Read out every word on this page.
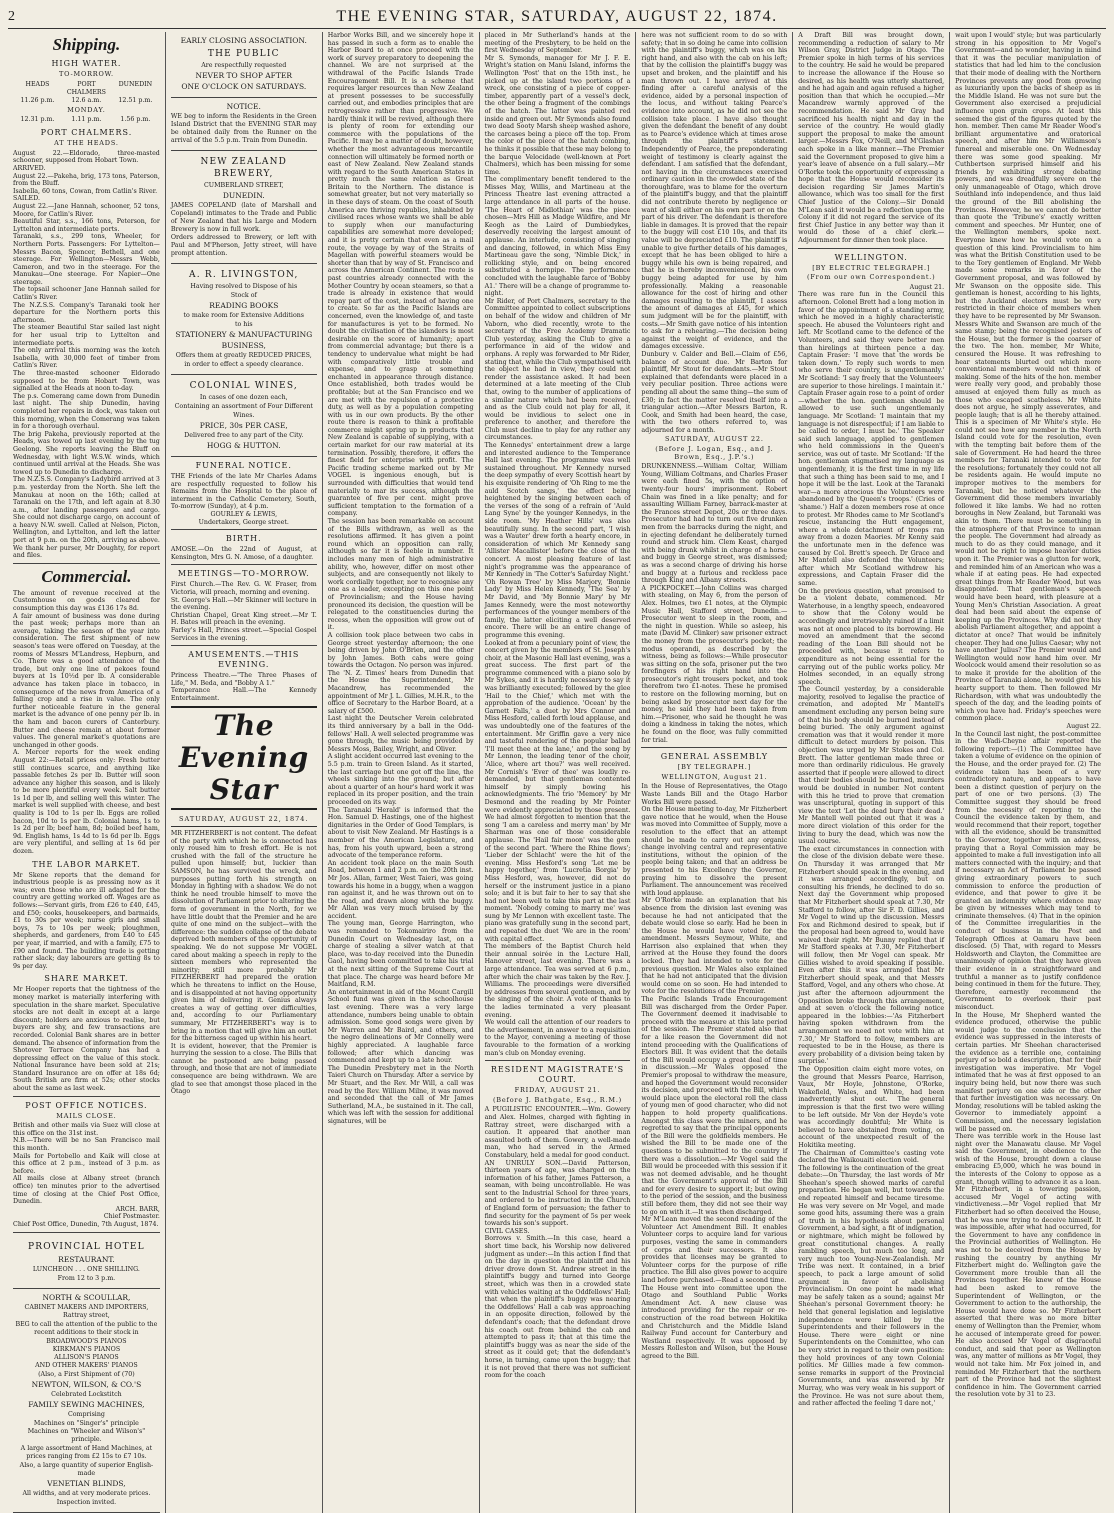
2	THE EVENING STAR, SATURDAY, AUGUST 22, 1874.
Shipping.
HIGH WATER.
TO-MORROW.
HEADS	PORT CHALMERS
DUNEDIN
11.26 p.m.	12.6 a.m.	12.51 p.m.
MONDAY.
12.31 p.m.	1.11 p.m.	1.56 p.m.
PORT CHALMERS.
AT THE HEADS.
August 22.—Eldorado, three-masted schooner, supposed from Hobart Town.
ARRIVED.
August 22.—Pakeha, brig, 173 tons, Paterson, from the Bluff.
Isabella, 60 tons, Cowan, from Catlin's River.
SAILED.
August 22.—Jane Hannah, schooner, 52 tons, Moore, for Catlin's River.
Beautiful Star, s.s., 166 tons, Peterson, for Lyttelton and intermediate ports.
Taranaki, s.s., 299 tons, Wheeler, for Northern Ports. Passengers: For Lyttelton—Messrs Bacon, Spencer, Bethell, and one steerage. For Wellington—Messrs Webb, Cameron, and two in the steerage. For the Manukau—One steerage. For Napier—One steerage.
The topsail schooner Jane Hannah sailed for Catlin's River.
The N.Z.S.S. Company's Taranaki took her departure for the Northern ports this afternoon.
The steamer Beautiful Star sailed last night for her usual trip to Lyttelton and intermediate ports.
The only arrival this morning was the ketch Isabella, with 30,000 feet of timber from Catlin's River.
The three-masted schooner Eldorado supposed to be from Hobart Town, was signalled at the Heads at noon to-day.
The p.s. Comerang came down from Dunedin last night. The ship Dunedin, having completed her repairs in dock, was taken out this morning, when the Comerang was taken in for a thorough overhaul.
The brig Pakeha, previously reported at the Heads, was towed up last evening by the tug Geelong. She reports leaving the Bluff on Wednesday, with light W.S.W. winds, which continued until arrival at the Heads. She was towed up to Dunedin to discharge.
The N.Z.S.S. Company's Ladybird arrived at 3 p.m. yesterday from the North. She left the Manukau at noon on the 16th; called at Taranaki on the 17th, and left again at 8.30 a.m., after landing passengers and cargo. She could not discharge cargo, on account of a heavy N.W. swell. Called at Nelson, Picton, Wellington, and Lyttelton, and left the latter port at 9 p.m. on the 20th, arriving as above. We thank her purser, Mr Doughty, for report and files.
Commercial.
The amount of revenue received at the Customhouse on goods cleared for consumption this day was £136 17s 8d.
A fair amount of business was done during the past week; perhaps more than an average, taking the season of the year into consideration. The first shipment of new season's teas were offered on Tuesday, at the rooms of Messrs M'Landress, Hepburn, and Co. There was a good attendance of the trade, but only one line of pekoes found buyers at 1s 10½d per lb. A considerable advance has taken place in tobacco, in consequence of the news from America of a falling crop and a rise in value. The only further noticeable feature in the general market is the advance of one penny per lb. in the ham and bacon curers of Canterbury. Butter and cheese remain at about former values. The general market's quotations are unchanged in other goods.
A. Mercer reports for the week ending August 22:—Retail prices only: Fresh butter still continues scarce, and anything like passable fetches 2s per lb. Butter will soon advance any higher this season, and is likely to be more plentiful every week. Salt butter 1s 1d per lb, and selling well this winter. The market is well supplied with cheese, and best quality is 10d to 1s per lb. Eggs are rolled bacon, 10d to 1s per lb. Colonial hams, 1s to 1s 2d per lb; beef ham, 8d; boiled beef ham, 9d. English hams, 1s 4d to 1s 6d per lb. Eggs are very plentiful, and selling at 1s 6d per dozen.
THE LABOR MARKET.
Mr Skene reports that the demand for industrious people is as pressing now as it was; even those who are ill adapted for the country are getting worked off. Wages are as follows:—Servant girls, from £26 to £40, £45, and £50; cooks, housekeepers, and barmaids, £1 to 30s per week; nurse girls and small boys, 7s to 10s per week; ploughmen, shepherds, and gardeners, from £40 to £45 per year, if married, and with a family, £75 to £90 and found. The building trade is getting rather slack; day labourers are getting 8s to 9s per day.
SHARE MARKET.
Mr Hooper reports that the tightness of the money market is materially interfering with speculation in the share market. Speculative stocks are not dealt in except at a large discount; holders are anxious to realise, but buyers are shy, and few transactions are recorded. Colonial Bank shares are in better demand. The absence of information from the Shotover Terrace Company has had a depressing effect on the value of this stock. National Insurance have been sold at 21s; Standard Insurance are on offer at 18s 6d; South British are firm at 52s; other stocks about the same as last week.
POST OFFICE NOTICES.
MAILS CLOSE.
British and other mails via Suez will close at this office on the 31st inst.
N.B.—There will be no San Francisco mail this month.
Mails for Portobello and Kaik will close at this office at 2 p.m., instead of 3 p.m. as before.
All mails close at Albany street (branch office) ten minutes prior to the advertised time of closing at the Chief Post Office, Dunedin.
ARCH. BARR,
Chief Postmaster.
Chief Post Office, Dunedin, 7th August, 1874.
PROVINCIAL HOTEL
RESTAURANT.
LUNCHEON . . . ONE SHILLING.
From 12 to 3 p.m.
NORTH & SCOULLAR,
CABINET MAKERS AND IMPORTERS, Rattray street,
BEG to call the attention of the public to the recent additions to their stock in
BROADWOOD'S PIANOS
KIRKMAN'S PIANOS
ALLISON'S PIANOS
AND OTHER MAKERS' PIANOS
(Also, a First Shipment of (70)
NEWTON, WILSON, & CO.'S
Celebrated Lockstitch
FAMILY SEWING MACHINES,
Comprising
Machines on "Singer's" principle
Machines on "Wheeler and Wilson's" principle.
A large assortment of Hand Machines, at prices ranging from £2 15s to £7 10s.
Also, a large quantity of superior English-made
VENETIAN BLINDS,
All widths, and at very moderate prices.
Inspection invited.
EARLY CLOSING ASSOCIATION.
THE PUBLIC
Are respectfully requested
NEVER TO SHOP AFTER
ONE O'CLOCK ON SATURDAYS.
NOTICE.
WE beg to inform the Residents in the Green Island District that the EVENING STAR may be obtained daily from the Runner on the arrival of the 5.5 p.m. Train from Dunedin.
NEW ZEALAND BREWERY,
CUMBERLAND STREET,
DUNEDIN.
JAMES COPELAND (late of Marshall and Copeland) intimates to the Trade and Public of New Zealand that his Large and Modern Brewery is now in full work.
Orders addressed to Brewery, or left with Paul and M'Pherson, Jetty street, will have prompt attention.
A. R. LIVINGSTON,
Having resolved to Dispose of his
Stock of
READING BOOKS
to make room for Extensive Additions
to his
STATIONERY & MANUFACTURING
BUSINESS,
Offers them at greatly REDUCED PRICES,
in order to effect a speedy clearance.
COLONIAL WINES,
In cases of one dozen each,
Containing an assortment of Four Different
Wines.
PRICE, 30s PER CASE,
Delivered free to any part of the City.
HOGG & HUTTON.
FUNERAL NOTICE.
THE Friends of the late Mr Charles Adams are respectfully requested to follow his Remains from the Hospital to the place of interment in the Catholic Cemetery, South, To-morrow (Sunday), at 4 p.m.
GOURLEY & LEWIS,
Undertakers, George street.
BIRTH.
AMOSE.—On the 22nd of August, at Kensington, Mrs G. N. Amose, of a daughter.
MEETINGS—TO-MORROW.
First Church.—The Rev. G. W. Fraser, from Victoria, will preach, morning and evening.
St. George's Hall.—Mr Skinner will lecture in the evening.
Christian Chapel, Great King street.—Mr T. H. Bates will preach in the evening.
Farley's Hall, Princes street.—Special Gospel Services in the evening.
AMUSEMENTS.—THIS EVENING.
Princess Theatre.—"The Three Phases of Life," M. Beda, and "Bobby A 1."
Temperance Hall.—The Kennedy Entertainment.
The Evening Star
SATURDAY, AUGUST 22, 1874.
MR FITZHERBERT is not content. The defeat of the party with which he is connected has only roused him to fresh effort. He is not crushed with the fall of the structure he pulled upon himself; but, luckier than SAMSON, he has survived the wreck, and purposes putting forth his strength on Monday in fighting with a shadow. We do not think he need trouble himself to move the dissolution of Parliament prior to altering the form of government in the North, for we have little doubt that the Premier and he are quite of one mind on the subject—with the difference: the sudden collapse of the debate deprived both members of the opportunity of speaking. We do not suppose Mr VOGEL cared about making a speech in reply to the sixteen members who represented the minority; still more probably Mr FITZHERBERT had prepared the oration which he threatens to inflict on the House, and is disappointed at not having opportunity given him of delivering it. Genius always creates a way of getting over difficulties, and, according to our Parliamentary summary, Mr FITZHERBERT's way is to bring in a motion that will give him an outlet for the bitterness caged up within his heart.
It is evident, however, that the Premier is hurrying the session to a close. The Bills that cannot be postponed are being passed through, and those that are not of immediate consequence are being withdrawn. We are glad to see that amongst those placed in the Otago
Harbor Works Bill, and we sincerely hope it has passed in such a form as to enable the Harbor Board to at once proceed with the work of survey preparatory to deepening the channel. We are not surprised at the withdrawal of the Pacific Islands Trade Encouragement Bill. It is a scheme that requires larger resources than New Zealand at present possesses to be successfully carried out, and embodies principles that are retrogressive rather than progressive. We hardly think it will be revived, although there is plenty of room for extending our commerce with the populations of the Pacific. It may be a matter of doubt, however, whether the most advantageous mercantile connection will ultimately be formed north or east of New Zealand. New Zealand stands with regard to the South American States in pretty much the same relation as Great Britain to the Northern. The distance is somewhat greater, but not very materially so in these days of steam. On the coast of South America are thriving republics, inhabited by civilised races whose wants we shall be able to supply when our manufacturing capabilities are somewhat more developed; and it is pretty certain that even as a mail route, the voyage by way of the Straits of Magellan with powerful steamers would be shorter than that by way of St. Francisco and across the American Continent. The route is past countries already connected with the Mother Country by ocean steamers, so that a trade is already in existence that would repay part of the cost, instead of having one to create. So far as the Pacific Islands are concerned, even the knowledge of, and taste for manufactures is yet to be formed. No doubt the civilisation of the islanders is most desirable on the score of humanity; apart from commercial advantage; but there is a tendency to undervalue what might be had with comparatively little trouble and expense, and to grasp at something enchanted in appearance through distance. Once established, both trades would be profitable; but at the San Francisco end we are met with the repulsion of a protective duty, as well as by a population competing with us in our own products. By the other route there is reason to think a profitable commerce might spring up in products that New Zealand is capable of supplying, with a certain market for our raw material at its termination. Possibly, therefore, it offers the finest field for enterprise with profit. The Pacific trading scheme marked out by Mr VOGEL is ingenious enough, but is surrounded with difficulties that would tend materially to mar its success, although the guarantee of five per cent. might prove sufficient temptation to the formation of a company.
The session has been remarkable on account of the Bills withdrawn, as well as the resolutions affirmed. It has given a point round which an opposition can rally, although so far it is feeble in number. It includes many men of high administrative ability, who, however, differ on most other subjects, and are consequently not likely to work cordially together, nor to recognise any one as a leader, excepting on this one point of Provincialism; and the House having pronounced its decision, the question will be relegated to the constituencies during the recess, when the opposition will grow out of it.
A collision took place between two cabs in George street yesterday afternoon; the one being driven by John O'Brien, and the other by John James. Both cabs were going towards the Octagon. No person was injured.
The 'N. Z. Times' hears from Dunedin that the House the Superintendent, Mr Macandrew, has recommended the appointment of Mr J. L. Gillies, M.H.R., to the office of Secretary to the Harbor Board, at a salary of £500.
Last night the Deutscher Verein celebrated its third anniversary by a ball in the Odd-fellows' Hall. A well selected programme was gone through, the music being provided by Messrs Moss, Bailey, Wright, and Oliver.
A slight accident occurred last evening to the 5.5 p.m. train to Green Island. As it started, the last carriage but one got off the line, the wheels sinking into the ground; but after about a quarter of an hour's hard work it was replaced in its proper position, and the train proceeded on its way.
The Taranaki 'Herald' is informed that the Hon. Samuel D. Hastings, one of the highest dignitaries in the Order of Good Templars, is about to visit New Zealand. Mr Hastings is a member of the American Legislature, and has, from his youth upward, been a strong advocate of the temperance reform.
An accident took place on the main South Road, between 1 and 2 p.m. on the 20th inst. Mr Jos. Allan, farmer, West Taieri, was going towards his home in a buggy, when a waggon ran against it, and he was thrown out on to the road, and drawn along with the buggy. Mr Allan was very much bruised by the accident.
The young man, George Harrington, who was remanded to Tokomairiro from the Dunedin Court on Wednesday last, on a charge of stealing a silver watch at that place, was to-day received into the Dunedin Gaol, having been committed to take his trial at the next sitting of the Supreme Court at that place. The charge was heard before Mr Maitland, R.M.
An entertainment in aid of the Mount Cargill School fund was given in the schoolhouse last evening. There was a very large attendance, numbers being unable to obtain admission. Some good songs were given by Mr Warren and Mr Baird, and others, and the negro delineations of Mr Connelly were highly appreciated. A laughable farce followed; after which dancing was commenced and kept up to a late hour.
The Dunedin Presbytery met in the North Taieri Church on Thursday. After a service by Mr Stuart, and the Rev. Mr Will, a call was read by the Rev. William Milne, it was moved and seconded that the call of Mr James Sutherland, M.A., be sustained in it. The call, which was left with the session for additional signatures, will be
placed in Mr Sutherland's hands at the meeting of the Presbytery, to be held on the first Wednesday of September.
Mr S. Symonds, manager for Mr J. F. E. Wright's station on Manu Island, informs the Wellington 'Post' that on the 15th inst., he picked up at the island two portions of a wreck, one consisting of a piece of copper-timber, apparently part of a vessel's deck, the other being a fragment of the combings of the hatch. The latter was painted red inside and green out. Mr Symonds also found two dead Sooty Marsh sheep washed ashore, the carcases being a piece off the top. From the color of the piece of the hatch combing, he thinks it possible that these may belong to the barque Velocidade (well-known at Port Chalmers), which has been missing for some time.
The complimentary benefit tendered to the Misses May, Willis, and Martineau at the Princess Theatre last evening attracted a large attendance in all parts of the house. 'The Heart of Midlothian' was the piece chosen—Mrs Hill as Madge Wildfire, and Mr Keogh as the Laird of Dumbiedykes, deservedly receiving the largest amount of applause. An interlude, consisting of singing and dancing, followed, in which Miss Emy Martineau gave the song, 'Nimble Dick,' in rollicking style, and on being encored substituted a hornpipe. The performance concluded with the laughable farce of 'Bobby A1.' There will be a change of programme to-night.
Mr Rider, of Port Chalmers, secretary to the Committee appointed to collect subscriptions on behalf of the widow and children of Mr Vaborn, who died recently, wrote to the secretary of the Free Academy Dramatic Club yesterday, asking the Club to give a performance in aid of the widow and orphans. A reply was forwarded to Mr Rider, stating that, while the Club sympathised with the object he had in view, they could not render the assistance asked. It had been determined at a late meeting of the Club that, owing to the number of applications of a similar nature which had been received, and as the Club could not play for all, it would be invidious to select one in preference to another, and therefore the Club must decline to play for any rather any circumstances.
The Kennedys' entertainment drew a large and interested audience to the Temperance Hall last evening. The programme was well sustained throughout. Mr Kennedy nursed the deep sympathy of every Scottish heart by his exquisite rendering of 'Oh Ring to me the auld Scotch sangs,' the effect being heightened by the singing between each of the verses of the song of a refrain of 'Auld Lang Syne' by the younger Kennedys, in the side room. 'My Heather Hills' was also beautifully sung. In the second part, 'I wish was a Wauter' drew forth a hearty encore, in consideration of which Mr Kennedy sang 'Allister Macallister' before the close of the concert. A most pleasing feature of last night's programme was the appearance of Mr Kennedy in 'The Cotter's Saturday Night.' 'Oh Rowan Tree' by Miss Marjory, 'Bonnie Lady' by Miss Helen Kennedy, 'The Sea' by Mr David, and 'My Bonnie Mary' by Mr James Kennedy, were the most noteworthy performances of the younger members of the family, the latter eliciting a well deserved encore. There will be an entire change of programme this evening.
Looked at from a pecuniary point of view, the concert given by the members of St. Joseph's choir, at the Masonic Hall last evening, was a great success. The first part of the programme commenced with a piano solo by Mr Sykes, and it is hardly necessary to say it was brilliantly executed; followed by the glee 'Hail to the Chief,' which met with the approbation of the audience. 'Ocean' by the Garnett Falls,' a duet by Mrs Connor and Miss Hesford, called forth loud applause, and was undoubtedly one of the features of the entertainment. Mr Griffin gave a very nice and tasteful rendering of the popular ballad 'I'll meet thee at the lane,' and the song by Mr Lennon, the leading tenor of the choir, 'Alice, where art thou?' was well received. Mr Cornish's 'Ever of thee' was loudly re-demanded, but that gentleman contented himself by simply bowing his acknowledgments. The trio 'Memory' by Mr Desmond and the reading by Mr Pointer were evidently appreciated by those present. We had almost forgotten to mention that the song 'I am a careless and merry man' by Mr Sharman was one of those considerable applause. The 'Hail fair moon' was the gem of the second part. 'Where the Rhine flows'; 'Lieber der Schlacht' were the hit of the evening. Miss Hesford's song 'Let me be happy together,' from 'Lucretia Borgia' by Miss Hesford, was, however, did not do herself or the instrument justice in a piano solo; and it is but fair to her to say that she had not been well to take this part at the last moment. 'Nobody coming to marry me' was sung by Mr Lennon with excellent taste. The piano was gratefully sung in the second part, and repeated the duet 'We are in the room' with capital effect.
The members of the Baptist Church held their annual soirée in the Lecture Hall, Hanover street, last evening. There was a large attendance. Tea was served at 6 p.m., after which the chair was taken by the Rev. J. Williams. The proceedings were diversified by addresses from several gentlemen, and by the singing of the choir. A vote of thanks to the ladies terminated a very pleasant evening.
We would call the attention of our readers to the advertisement, in answer to a requisition to the Mayor, convening a meeting of those favourable to the formation of a working man's club on Monday evening.
RESIDENT MAGISTRATE'S COURT.
FRIDAY, AUGUST 21.
(Before J. Bathgate, Esq., R.M.)
A PUGILISTIC ENCOUNTER.—Wm. Gowery and Alex. Holmes, charged with fighting in Rattray street, were discharged with a caution. It appeared that another man assaulted both of them. Gowery, a well-made man, who had served in the Armed Constabulary, held a medal for good conduct.
AN UNRULY SON.—David Patterson, thirteen years of age, was charged on the information of his father, James Patterson, a seaman, with being uncontrollable. He was sent to the Industrial School for three years, and ordered to be instructed in the Church of England form of persuasion; the father to find security for the payment of 5s per week towards his son's support.
CIVIL CASES.
Borrows v. Smith.—In this case, heard a short time back, his Worship now delivered judgment as under:—In this action I find that on the day in question the plaintiff and his driver drove down St. Andrew street in the plaintiff's buggy and turned into George street, which was then in a crowded state with vehicles waiting at the Oddfellows' Hall; that when the plaintiff's buggy was nearing the Oddfellows' Hall a cab was approaching in an opposite direction, followed by the defendant's coach; that the defendant drove his coach out from behind the cab and attempted to pass it; that at this time the plaintiff's buggy was as near the side of the street as it could get; that the defendant's horse, in turning, came upon the buggy; that it is not proved that there was not sufficient room for the coach
here was not sufficient room to do so with safety; that in so doing he came into collision with the plaintiff's buggy, which was on his right hand, and also with the cab on his left; that by the collision the plaintiff's buggy was upset and broken, and the plaintiff and his man thrown out. I have arrived at this finding after a careful analysis of the evidence, aided by a personal inspection of the locus, and without taking Pearce's evidence into account, as he did not see the collision take place. I have also thought given the defendant the benefit of any doubt as to Pearce's evidence which at times arose through the plaintiff's statement. Independently of Pearce, the preponderating weight of testimony is clearly against the defendant. I am satisfied that the defendant, not having in the circumstances exercised ordinary caution in the crowded state of the thoroughfare, was to blame for the overturn of the plaintiff's buggy, and that the plaintiff did not contribute thereto by negligence or want of skill either on his own part or on the part of his driver. The defendant is therefore liable in damages. It is proved that the repair to the buggy will cost £10 10s, and that its value will be depreciated £10. The plaintiff is unable to give further details of his damages, except that he has been obliged to hire a buggy while his own is being repaired, and that he is thereby inconvenienced, his own buggy being adapted for use by him professionally. Making a reasonable allowance for the cost of hiring and other damages resulting to the plaintiff, I assess the amount of damages at £45, for which sum judgment will be for the plaintiff, with costs.—Mr Smith gave notice of his intention to ask for a rehearing.—The decision being against the weight of evidence, and the damages excessive.
Dunbury v. Calder and Bell.—Claim of £56, balance of account due. Mr Barton for plaintiff, Mr Stout for defendants.—Mr Stout explained that defendants were placed in a very peculiar position. Three actions were pending all about the same thing—the sum of £30; in fact the matter resolved itself into a triangular action.—After Messrs Barton, R. Cook, and Smith had been heard, the case, with the two others referred to, was adjourned for a month.
SATURDAY, AUGUST 22.
(Before J. Logan, Esq., and J. Brown, Esq., J.P.'s.)
DRUNKENNESS.—William Coltar, William Young, William Coltmans, and Charles Fraser were each fined 5s, with the option of twenty-four hours' imprisonment. Robert Chain was fined in a like penalty; and for assaulting William Farney, barrack-master at the Frances street Depot, 20s or three days. Prosecutor had had to turn out five drunken men from the barracks during the night, and in ejecting defendant he deliberately turned round and struck him. Clem Keast, charged with being drunk whilst in charge of a horse and buggy in George street, was dismissed; as was a second charge of driving his horse and buggy at a furious and reckless pace through King and Albany streets.
A PICKPOCKET.—John Collins was charged with stealing, on May 6, from the person of Alex. Holmes, two £1 notes, at the Olympic Music Hall, Stafford street, Dunedin.—Prosecutor went to sleep in the room, and the night in question. While so asleep, his mate (David M. Clinker) saw prisoner extract the money from the prosecutor's pocket; the modus operandi, as described by the witness, being as follows:—While prosecutor was sitting on the sofa, prisoner put the two forefingers of his right hand into the prosecutor's right trousers pocket, and took therefrom two £1-notes. These he promised to restore on the following morning, but on being asked by prosecutor next day for the money, he said they had been taken from him.—Prisoner, who said he thought he was doing a kindness in taking the notes, which he found on the floor, was fully committed for trial.
GENERAL ASSEMBLY
[BY TELEGRAPH.]
WELLINGTON, August 21.
In the House of Representatives, the Otago Waste Lands Bill and the Otago Harbor Works Bill were passed.
On the House meeting to-day, Mr Fitzherbert gave notice that he would, when the House was moved into Committee of Supply, move a resolution to the effect that an attempt should be made to carry out any organic change involving central and representative institutions, without the opinion of the people being taken; and that an address be presented to his Excellency the Governor, praying him to dissolve the present Parliament. The announcement was received with loud applause.
Mr O'Rorke made an explanation that his absence from the division last evening was because he had not anticipated that the debate would close so early. Had he been in the House he would have voted for the amendment. Messrs Seymour, White, and Harrison also explained that when they arrived at the House they found the doors locked. They had intended to vote for the previous question. Mr Wales also explained that he had not anticipated that the division would come on so soon. He had intended to vote for the resolutions of the Premier.
The Pacific Islands Trade Encouragement Bill was discharged from the Order Paper. The Government deemed it inadvisable to proceed with the measure at this late period of the session. The Premier stated also that for a like reason the Government did not intend proceeding with the Qualifications of Electors Bill. It was evident that the details of the Bill would occupy a great deal of time in discussion.—Mr Wales opposed the Premier's proposal to withdraw the measure, and hoped the Government would reconsider its decision, and proceed with the Bill, which would place upon the electoral roll the class of young men of good character, who did not happen to hold property qualifications. Amongst this class were the miners, and he regretted to say that the principal opponents of the Bill were the goldfields members. He wished the Bill to be made one of the questions to be submitted to the country if there was a dissolution.—Mr Vogel said the Bill would be proceeded with this session if it was not deemed advisable, and he thought that the Government's approval of the Bill and for every desire to support it; but owing to the period of the session, and the business still before them, they did not see their way to go on with it.—It was then discharged.
Mr M'Lean moved the second reading of the Volunteer Act Amendment Bill. It enables Volunteer corps to acquire land for various purposes, vesting the same in commanders of corps and their successors. It also provides that licenses may be granted to Volunteer corps for the purpose of rifle practice. The Bill also gives power to acquire land before purchased.—Read a second time.
The House went into committee upon the Otago and Southland Public Works Amendment Act. A new clause was introduced providing for the repair or re-construction of the road between Hokitika and Christchurch and the Middle Island Railway Fund account for Canterbury and Westland respectively. It was opposed by Messrs Rolleston and Wilson, but the House agreed to the Bill.
A Draft Bill was brought down, recommending a reduction of salary to Mr Wilson Gray, District Judge in Otago. The Premier spoke in high terms of his services to the country. He said he would be prepared to increase the allowance if the House so desired, as his health was utterly shattered, and he had again and again refused a higher position than that which he occupied.—Mr Macandrew warmly approved of the recommendation. He said Mr Gray had sacrificed his health night and day in the service of the country. He would gladly support the proposal to make the amount larger.—Messrs Fox, O'Neill, and M'Glashan each spoke in a like manner.—The Premier said the Government proposed to give him a year's leave of absence on a full salary.—Mr O'Rorke took the opportunity of expressing a hope that the House would reconsider its decision regarding Sir James Martin's allowance, which was too small for the first Chief Justice of the Colony.—Sir Donald M'Lean said it would be a reflection upon the Colony if it did not regard the service of its first Chief Justice in any better way than it would do those of a chief clerk.—Adjournment for dinner then took place.
WELLINGTON.
[BY ELECTRIC TELEGRAPH.]
(From our own Correspondent.)
August 21.
There was rare fun in the Council this afternoon. Colonel Brett had a long motion in favor of the appointment of a standing army, which he moved in a highly characteristic speech. He abused the Volunteers right and left. Mr Scotland came to the defence of the Volunteers, and said they were better men than hirelings at thirteen pence a day. Captain Fraser: 'I move that the words be taken down.' To reply such words to men who serve their country, is ungentlemanly.' Mr Scotland: 'I say freely that the Volunteers are superior to those hirelings. I maintain it.' Captain Fraser again rose to a point of order—whether the hon. gentleman should be allowed to use such ungentlemanly language. Mr Scotland: 'I maintain that my language is not disrespectful; if I am liable to be called to order, I must be.' The Speaker said such language, applied to gentlemen who held commissions in the Queen's service, was out of taste. Mr Scotland: 'If the hon. gentleman stigmatised my language as ungentlemanly, it is the first time in my life that such a thing has been said to me, and I hope it will be the last. Look at the Taranaki war—a more atrocious the Volunteers were abandoned by the Queen's troops.' (Cries of 'shame.') Half a dozen members rose at once to protest. Mr Rhodes came to Mr Scotland's rescue, instancing the Hutt engagement, where a whole detachment of troops ran away from a dozen Maories. Mr Kenny said the unfortunate men in the defence was caused by Col. Brett's speech. Dr Grace and Mr Mantell also defended the Volunteers; after which Mr Scotland withdrew his expressions, and Captain Fraser did the same.
On the previous question, what promised to be a violent debate, commenced. Mr Waterhouse, in a lengthy speech, endeavored to show that the Colony would be accordingly and irretrievably ruined if a limit was not at once placed to its borrowing. He moved an amendment that the second reading of the Loan Bill should not be proceeded with, because it refers to expenditure as not being essential for the carrying out of the public works policy. Mr Holmes seconded, in an equally strong speech.
The Council yesterday, by a considerable majority, resolved to legalise the practice of cremation, and adopted Mr Mantell's amendment excluding any person being sure of that his body should be burned instead of being buried. The only argument against cremation was that it would render it more difficult to detect murders by poison. This objection was urged by Mr Stokes and Col. Brett. The latter gentleman made three or more than ordinarily ridiculous. He gravely asserted that if people were allowed to direct that their bodies should be burned, murders would be doubled in number. Not content with this he tried to prove that cremation was unscriptural, quoting in support of this view the text 'Let the dead bury their dead.' Mr Mantell well pointed out that it was a more direct violation of this order for the living to bury the dead, which was now the usual course.
The exact circumstances in connection with the close of the division debate were these. On Thursday it was arranged that Mr Fitzherbert should speak in the evening, and it was arranged accordingly, but on consulting his friends, he declined to do so. Next day the Government whip proposed that Mr Fitzherbert should speak at 7.30, Mr Stafford to follow, after Sir F. D. Gillies, and Mr Vogel to wind up the discussion. Messrs Fox and Richmond desired to speak, but if the proposal had been agreed to, would have waived their right. Mr Bunny replied that if Mr Stafford speaks at 7.30, Mr Fitzherbert will follow, then Mr Vogel can speak. Mr Gillies wished to avoid speaking if possible. Even after this it was arranged that Mr Fitzherbert should speak, and that Messrs Stafford, Vogel, and any others who chose. At just after the afternoon adjournment the Opposition broke through this arrangement, and at seven o'clock the following notice appeared in the lobbies:—'As Fitzherbert having spoken withdrawn from the arrangement we need not vote with him at 7.30,' Mr Stafford to follow, members are requested to be in the House, as there is every probability of a division being taken by surprise.'
The Opposition claim eight more votes, on the ground that Messrs Pearce, Harrison, Vaux, Mr Hoyle, Johnstone, O'Rorke, Wakefield, Wales, and White, had been inadvertently shut out. The general impression is that the first two were willing to be left outside. Mr Von der Heyde's vote was accordingly doubtful; Mr White is believed to have abstained from voting, on account of the unexpected result of the Hokitika meeting.
The Chairman of Committee's casting vote declared the Waikouaiti election void.
The following is the continuation of the great debate:—On Thursday, the last words of Mr Sheehan's speech showed marks of careful preparation. He began well, but towards the end repeated himself and became tiresome. He was very severe on Mr Vogel, and made some good hits, assuming there was a grain of truth in his hypothesis about personal Government, a bad sight, a fit of indignation, or nightmare, which might be followed by great constitutional changes. A really rambling speech, but much too long, and very much too Young-New-Zealandish. Mr Tribe was next. It contained, in a brief speech, to pack a large amount of solid argument in favor of abolishing Provincialism. On one point he made what may be safely taken as a sound; against Mr Sheehan's personal Government theory: he held that general legislation and legislative independence were killed by the Superintendents and their followers in the House. There were eight or nine Superintendents on the Committee, who can be very strict in regard to their own position: they hold provinces of any town Colonial politics. Mr Gillies made a few common-sense remarks in support of the Provincial Governments, and was answered by Mr Murray, who was very weak in his support of the Province. He was not sure about them, and rather affected the feeling 'I dare not,'
wait upon I would' style; but was particularly strong in his opposition to Mr Vogel's Government—and no wonder, having in mind that it was the peculiar manipulation of statistics that had led him to the conclusion that their mode of dealing with the Northern Provinces prevents any good from growing as luxuriantly upon the backs of sheep as in the Middle Island. He was not sure but the Government also exercised a prejudicial influence upon grain crops. At least this seemed the gist of the figures quoted by the hon. member. Then came Mr Reader Wood's brilliant argumentative and oratorical speech, and after him Mr Williamson's funereal and miserable one. On Wednesday there was some good speaking. Mr Cuthbertson surprised himself and his friends by exhibiting strong debating powers, and was dreadfully severe on the only unmanageable of Otago, which drove Southland into independence, and thus laid the ground of the Bill abolishing the Provinces. However, he we cannot do better than quote the 'Tribune's' exactly written comment and speeches. Mr Hunter, one of the Wellington members, spoke next. Everyone knew how he would vote on a question of this kind. Provincialism to him was what the British Constitution used to be to the Tory gentlemen of England. Mr Webb made some remarks in favor of the Government proposal, and was followed by Mr Swanson on the opposite side. This gentleman is honest, according to his lights, but the Auckland electors must be very restricted in their choice of members when they have to be represented by Mr Swanson. Messrs White and Swanson are much of the same stamp; being the recognised jesters of the House, but the former is the coarser of the two. The hon. member, Mr White, censured the House. It was refreshing to hear statements blurted out which more conventional members would not think of making. Some of the hits of the hon. member were really very good, and probably those amused at enjoyed them fully as much as those who escaped scatheless. Mr White does not argue, he simply asseverates, and people laugh; that is all he thereby attained. This is a specimen of Mr White's style. He could not see how any member in the North Island could vote for the resolution, even with the tempting bait before them of the sale of Government. He had heard the three members for Taranaki intended to vote for the resolutions; fortunately they could not all be residents again. He would impute no improper motives to the members for Taranaki, but he noticed whatever the Government did those members invariably followed it like lambs. We had no rotten boroughs in New Zealand, but Taranaki was akin to them. There must be something in the atmosphere of that Province to unman the people. The Government had already as much to do as they could manage, and it would not be right to impose heavier duties upon it. The Premier was a glutton for work, and reminded him of an American who was a whale if at eating peas. He had expected great things from Mr Reader Wood, but was disappointed. That gentleman's speech would have been heard, with pleasure at a Young Men's Christian Association. A great deal had been said about the expense of keeping up the Provinces. Why did not they abolish Parliament altogether, and appoint a dictator at once? That would be infinitely cheaper. They had one Julius Caesar; why not have another Julius? The Premier would and Wellington would now hand him over. Mr Woolcock would amend their resolution so as to make it provide for the abolition of the Province of Taranaki alone, he would give his hearty support to them. Then followed Mr Richardson, with what was undoubtedly the speech of the day, and the leading points of which you have had. Friday's speeches were common place.
August 22.
In the Council last night, the post-committee in the Wadi-Cheyne affair reported the following report:—(1) The Committee have taken a volume of evidence on the opinion of the House, and the order prayed for. (2) The evidence taken has been of a very contradictory nature, and appears to have been a distinct question of perjury on the part of one or two persons. (3) The Committee suggest they should be freed from the necessity of reporting to the Council the evidence taken by them, and would recommend that their report, together with all the evidence, should be transmitted to the Governor, together with an address, praying that a Royal Commission may be appointed to make a full investigation into all matters connected with the inquiry; and that if necessary an Act of Parliament be passed giving extraordinary powers to such commission to enforce the production of evidence, and that power to give it be granted an indemnity where evidence may be given by witnesses which may tend to criminate themselves. (4) That in the opinion of the Committee irregularities in the conduct of business in the Post and Telegraph Offices at Oamaru have been disclosed. (5) That, with regard to Messrs Holdsworth and Clayton, the Committee are unanimously of opinion that they have given their evidence in a straightforward and truthful a manner as to justify confidence being continued in them for the future. They, therefore, earnestly recommend the Government to overlook their past misconduct.
In the House, Mr Shepherd wanted the evidence produced, otherwise the public would judge to the conclusion that the evidence was suppressed in the interests of certain parties. Mr Sheehan characterised the evidence as a terrible one, containing perjury of so bold a description, that for their investigation was imperative. Mr Vogel intimated that he was at first opposed to an inquiry being held, but now there was such manifest perjury on one side or the other that further investigation was necessary. On Monday, resolutions will be tabled asking the Governor to immediately appoint a Commission, and the necessary legislation will be passed on.
There was terrible work in the House last night over the Manawatu clause. Mr Vogel said the Government, in obedience to the wish of the House, brought down a clause embracing £5,000, which he was bound in the interests of the Colony to oppose as a grant, though willing to advance it as a loan. Mr Fitzherbert, in a towering passion, accused Mr Vogel of acting with vindictiveness.—Mr Vogel replied that Mr Fitzherbert had so often deceived the House, that he was now trying to deceive himself. It was impossible, after what had occurred, for the Government to have any confidence in the Provincial authorities of Wellington. He was not to be deceived from the House by rushing the country by anything Mr Fitzherbert might do. Wellington gave the Government more trouble than all the Provinces together. He knew of the House had been asked to remove the Superintendent of Wellington, or the Government to action to the authorship, the House would have done so. Mr Fitzherbert asserted that there was no more bitter enemy of Wellington than the Premier, whom he accused of intemperate greed for power. He also accused Mr Vogel of disgraceful conduct, and said that poor as Wellington was, any matter of millions as Mr Vogel, they would not take him. Mr Fox joined in, and reminded Mr Fitzherbert that the northern part of the Province had not the slightest confidence in him. The Government carried the resolution vote by 31 to 23.
